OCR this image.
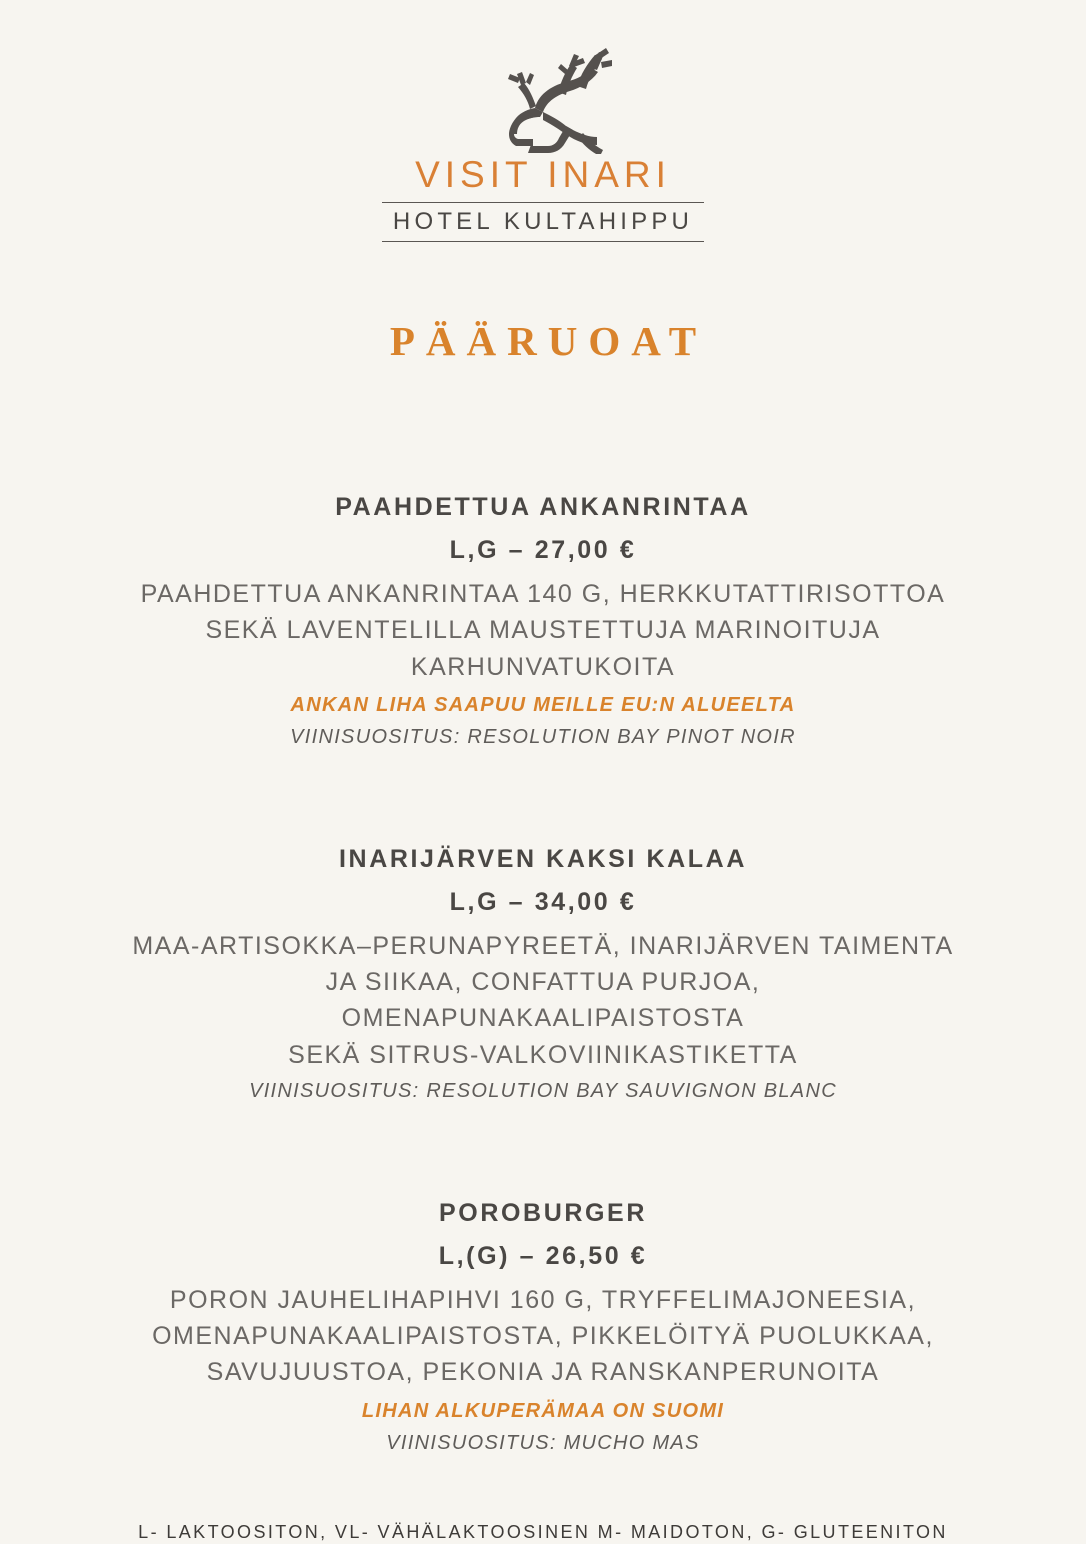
VISIT INARI
HOTEL KULTAHIPPU
PÄÄRUOAT
PAAHDETTUA ANKANRINTAA
L,G – 27,00 €
PAAHDETTUA ANKANRINTAA 140 G, HERKKUTATTIRISOTTOA
SEKÄ LAVENTELILLA MAUSTETTUJA MARINOITUJA
KARHUNVATUKOITA
ANKAN LIHA SAAPUU MEILLE EU:N ALUEELTA
VIINISUOSITUS: RESOLUTION BAY PINOT NOIR
INARIJÄRVEN KAKSI KALAA
L,G – 34,00 €
MAA-ARTISOKKA–PERUNAPYREETÄ, INARIJÄRVEN TAIMENTA
JA SIIKAA, CONFATTUA PURJOA,
OMENAPUNAKAALIPAISTOSTA
SEKÄ SITRUS-VALKOVIINIKASTIKETTA
VIINISUOSITUS: RESOLUTION BAY SAUVIGNON BLANC
POROBURGER
L,(G) – 26,50 €
PORON JAUHELIHAPIHVI 160 G, TRYFFELIMAJONEESIA,
OMENAPUNAKAALIPAISTOSTA, PIKKELÖITYÄ PUOLUKKAA,
SAVUJUUSTOA, PEKONIA JA RANSKANPERUNOITA
LIHAN ALKUPERÄMAA ON SUOMI
VIINISUOSITUS: MUCHO MAS
L- LAKTOOSITON, VL- VÄHÄLAKTOOSINEN M- MAIDOTON, G- GLUTEENITON
